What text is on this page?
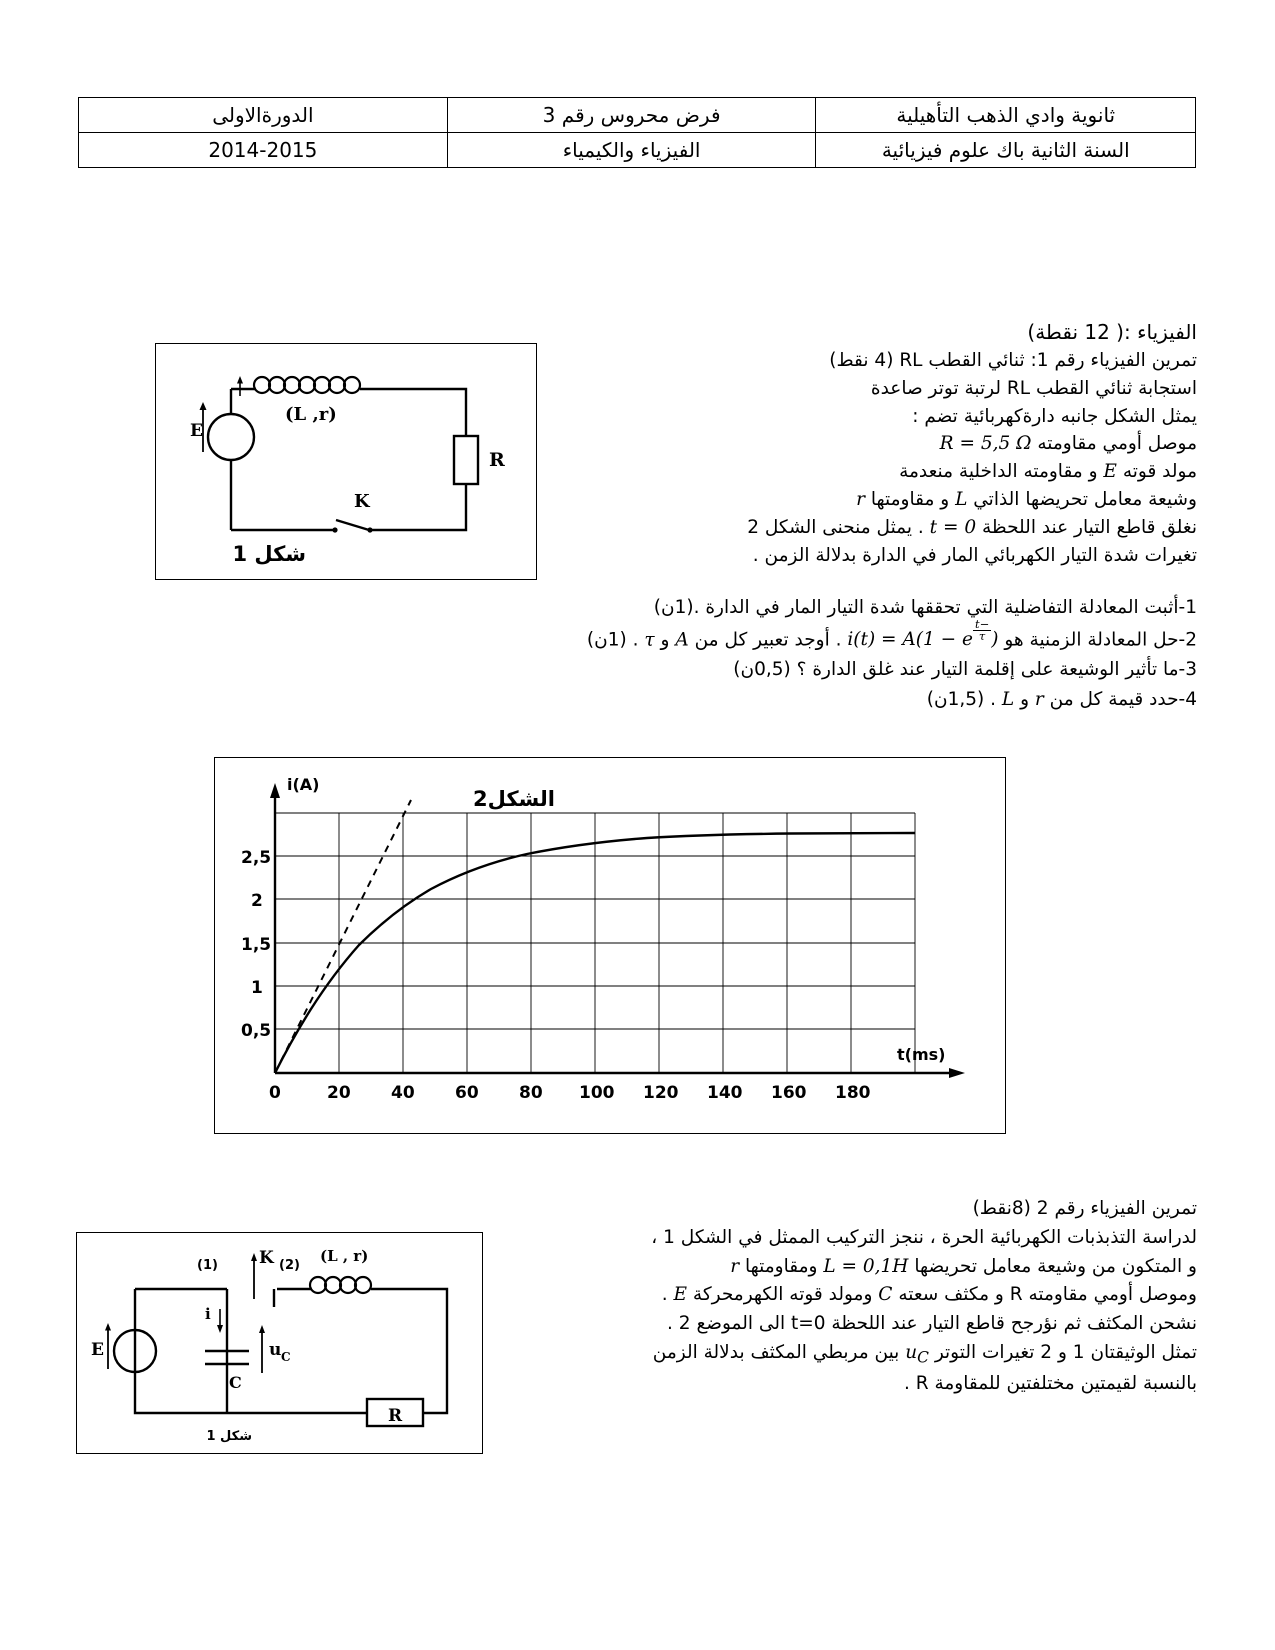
الدورةالاولى	فرض محروس رقم 3	ثانوية وادي الذهب التأهيلية
2014-2015	الفيزياء والكيمياء	السنة الثانية باك علوم فيزيائية
الفيزياء :( 12 نقطة)
تمرين الفيزياء رقم 1: ثنائي القطب RL (4 نقط)
استجابة ثنائي القطب RL لرتبة توتر صاعدة
يمثل الشكل جانبه دارةكهربائية تضم :
موصل أومي مقاومته R = 5,5 Ω
مولد قوته E و مقاومته الداخلية منعدمة
وشيعة معامل تحريضها الذاتي L و مقاومتها r
نغلق قاطع التيار عند اللحظة t = 0 . يمثل منحنى الشكل 2
تغيرات شدة التيار الكهربائي المار في الدارة بدلالة الزمن .
1-أثبت المعادلة التفاضلية التي تحققها شدة التيار المار في الدارة .(1ن)
2-حل المعادلة الزمنية هو i(t) = A(1 − e $\frac{-t}{\tau}$ ) . أوجد تعبير كل من A و τ . (1ن)
3-ما تأثير الوشيعة على إقلمة التيار عند غلق الدارة ؟ (0,5ن)
4-حدد قيمة كل من r و L . (1,5ن)
E
(L ,r)
R
K
شكل 1
2,5
2
1,5
1
0,5
0	20 40 60 80 100 120 140 160 180
i(A)
t(ms)
الشكل2
تمرين الفيزياء رقم 2 (8نقط)
لدراسة التذبذبات الكهربائية الحرة ، ننجز التركيب الممثل في الشكل 1 ،
و المتكون من وشيعة معامل تحريضها L = 0,1H ومقاومتها r
وموصل أومي مقاومته R و مكثف سعته C ومولد قوته الكهرمحركة E .
نشحن المكثف ثم نؤرجح قاطع التيار عند اللحظة t=0 الى الموضع 2 .
تمثل الوثيقتان 1 و 2 تغيرات التوتر $u_C$ بين مربطي المكثف بدلالة الزمن
بالنسبة لقيمتين مختلفتين للمقاومة R .
E
K
(1)	(2)
(L , r)
C
u C
i
R
شكل 1
